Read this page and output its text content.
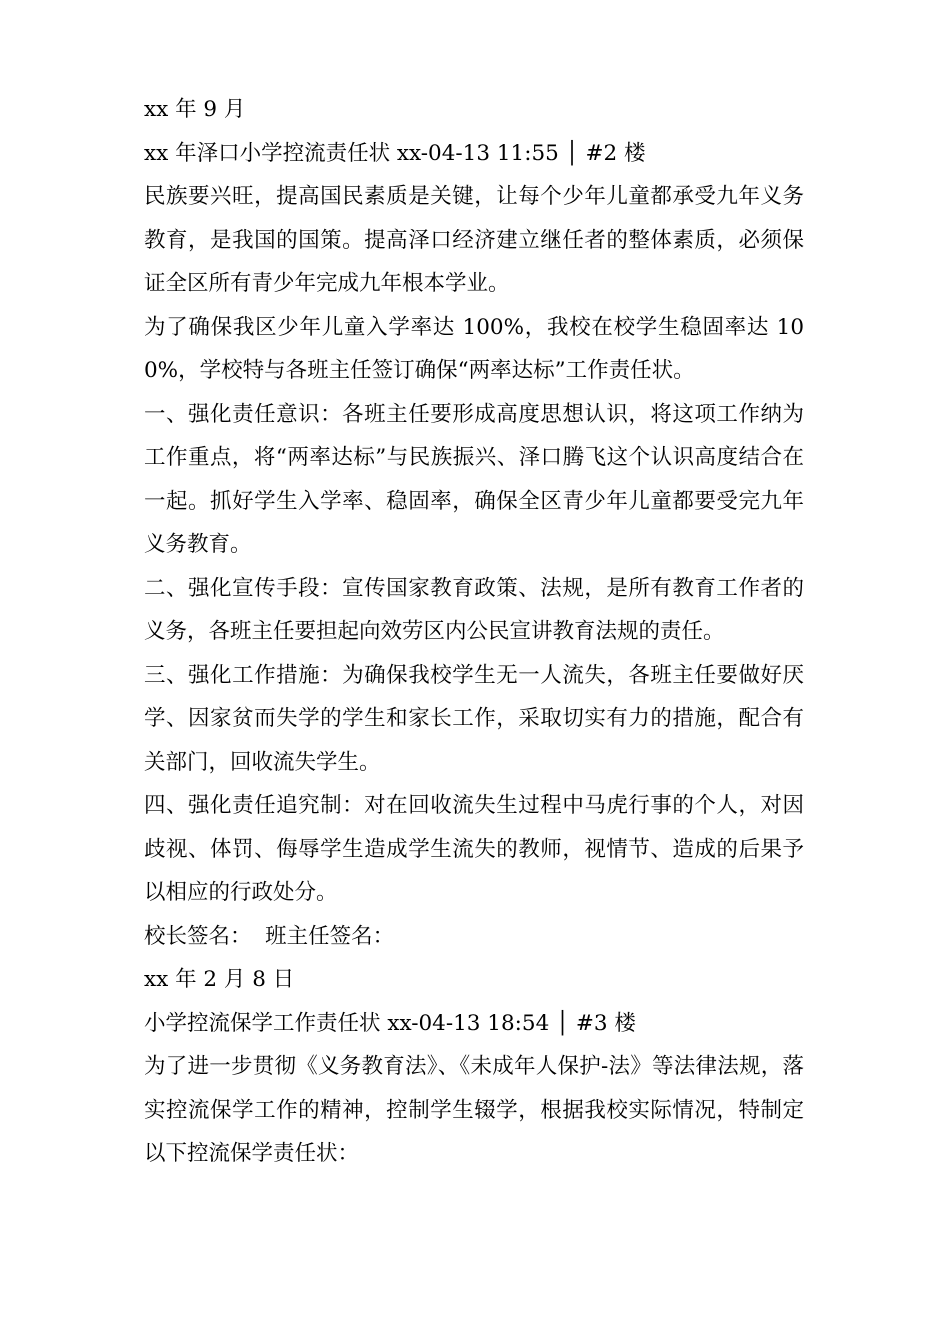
xx 年 9 月

xx 年泽口小学控流责任状 xx-04-13 11:55 │ #2 楼

民族要兴旺，提高国民素质是关键，让每个少年儿童都承受九年义务教育，是我国的国策。提高泽口经济建立继任者的整体素质，必须保证全区所有青少年完成九年根本学业。

为了确保我区少年儿童入学率达 100%，我校在校学生稳固率达 100%，学校特与各班主任签订确保“两率达标”工作责任状。

一、强化责任意识：各班主任要形成高度思想认识，将这项工作纳为工作重点，将“两率达标”与民族振兴、泽口腾飞这个认识高度结合在一起。抓好学生入学率、稳固率，确保全区青少年儿童都要受完九年义务教育。

二、强化宣传手段：宣传国家教育政策、法规，是所有教育工作者的义务，各班主任要担起向效劳区内公民宣讲教育法规的责任。

三、强化工作措施：为确保我校学生无一人流失，各班主任要做好厌学、因家贫而失学的学生和家长工作，采取切实有力的措施，配合有关部门，回收流失学生。

四、强化责任追究制：对在回收流失生过程中马虎行事的个人，对因歧视、体罚、侮辱学生造成学生流失的教师，视情节、造成的后果予以相应的行政处分。

校长签名：  班主任签名：

xx 年 2 月 8 日

小学控流保学工作责任状 xx-04-13 18:54 │ #3 楼

为了进一步贯彻《义务教育法》、《未成年人保护-法》等法律法规，落实控流保学工作的精神，控制学生辍学，根据我校实际情况，特制定以下控流保学责任状：
